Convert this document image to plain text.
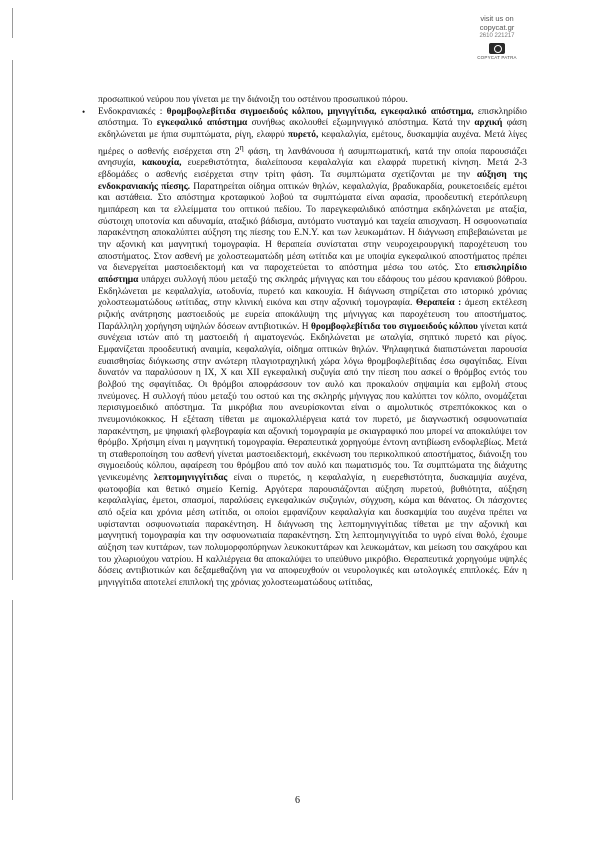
visit us on
copycat.gr
2610 221217
COPYCAT PATRA

προσωπικού νεύρου που γίνεται με την διάνοιξη του οστέινου προσωπικού πόρου.

• Ενδοκρανιακές : θρομβοφλεβίτιδα σιγμοειδούς κόλπου, μηνιγγίτιδα, εγκεφαλικό απόστημα, επισκληρίδιο απόστημα. Το εγκεφαλικό απόστημα συνήθως ακολουθεί εξωμηνιγγικό απόστημα. Κατά την αρχική φάση εκδηλώνεται με ήπια συμπτώματα, ρίγη, ελαφρύ πυρετό, κεφαλαλγία, εμέτους, δυσκαμψία αυχένα. Μετά λίγες ημέρες ο ασθενής εισέρχεται στη $2^\eta$ φάση, τη λανθάνουσα ή ασυμπτωματική, κατά την οποία παρουσιάζει ανησυχία, κακουχία, ευερεθιστότητα, διαλείπουσα κεφαλαλγία και ελαφρά πυρετική κίνηση. Μετά 2-3 εβδομάδες ο ασθενής εισέρχεται στην τρίτη φάση. Τα συμπτώματα σχετίζονται με την αύξηση της ενδοκρανιακής πίεσης. Παρατηρείται οίδημα οπτικών θηλών, κεφαλαλγία, βραδυκαρδία, ρουκετοειδείς εμέτοι και αστάθεια. Στο απόστημα κροταφικού λοβού τα συμπτώματα είναι αφασία, προοδευτική ετερόπλευρη ημιπάρεση και τα ελλείμματα του οπτικού πεδίου. Το παρεγκεφαλιδικό απόστημα εκδηλώνεται με αταξία, σύστοιχη υποτονία και αδυναμία, αταξικό βάδισμα, αυτόματο νυσταγμό και ταχεία απισχναση. Η οσφυονωτιαία παρακέντηση αποκαλύπτει αύξηση της πίεσης του Ε.Ν.Υ. και των λευκωμάτων. Η διάγνωση επιβεβαιώνεται με την αξονική και μαγνητική τομογραφία. Η θεραπεία συνίσταται στην νευροχειρουργική παροχέτευση του αποστήματος. Στον ασθενή με χολοστεωματώδη μέση ωτίτιδα και με υποψία εγκεφαλικού αποστήματος πρέπει να διενεργείται μαστοειδεκτομή και να παροχετεύεται το απόστημα μέσω του ωτός. Στο επισκληρίδιο απόστημα υπάρχει συλλογή πύου μεταξύ της σκληράς μήνιγγας και του εδάφους του μέσου κρανιακού βόθρου. Εκδηλώνεται με κεφαλαλγία, ωτοδυνία, πυρετό και κακουχία. Η διάγνωση στηρίζεται στο ιστορικό χρόνιας χολοστεωματώδους ωτίτιδας, στην κλινική εικόνα και στην αξονική τομογραφία. Θεραπεία : άμεση εκτέλεση ριζικής ανάτρησης μαστοειδούς με ευρεία αποκάλυψη της μήνιγγας και παροχέτευση του αποστήματος. Παράλληλη χορήγηση υψηλών δόσεων αντιβιοτικών. Η θρομβοφλεβίτιδα του σιγμοειδούς κόλπου γίνεται κατά συνέχεια ιστών από τη μαστοειδή ή αιματογενώς. Εκδηλώνεται με ωταλγία, σηπτικό πυρετό και ρίγος. Εμφανίζεται προοδευτική αναιμία, κεφαλαλγία, οίδημα οπτικών θηλών. Ψηλαφητικά διαπιστώνεται παρουσία ευαισθησίας διόγκωσης στην ανώτερη πλαγιοτραχηλική χώρα λόγω θρομβοφλεβίτιδας έσω σφαγίτιδας. Είναι δυνατόν να παραλύσουν η ΙΧ, Χ και ΧΙΙ εγκεφαλική συζυγία από την πίεση που ασκεί ο θρόμβος εντός του βολβού της σφαγίτιδας. Οι θρόμβοι αποφράσσουν τον αυλό και προκαλούν σηψαιμία και εμβολή στους πνεύμονες. Η συλλογή πύου μεταξύ του οστού και της σκληρής μήνιγγας που καλύπτει τον κόλπο, ονομάζεται περισιγμοειδικό απόστημα. Τα μικρόβια που ανευρίσκονται είναι ο αιμολυτικός στρεπτόκοκκος και ο πνευμονιόκοκκος. Η εξέταση τίθεται με αιμοκαλλιέργεια κατά τον πυρετό, με διαγνωστική οσφυονωτιαία παρακέντηση, με ψηφιακή φλεβογραφία και αξονική τομογραφία με σκιαγραφικό που μπορεί να αποκαλύψει τον θρόμβο. Χρήσιμη είναι η μαγνητική τομογραφία. Θεραπευτικά χορηγούμε έντονη αντιβίωση ενδοφλεβίως. Μετά τη σταθεροποίηση του ασθενή γίνεται μαστοειδεκτομή, εκκένωση του περικολπικού αποστήματος, διάνοιξη του σιγμοειδούς κόλπου, αφαίρεση του θρόμβου από τον αυλό και πωματισμός του. Τα συμπτώματα της διάχυτης γενικευμένης λεπτομηνιγγίτιδας είναι ο πυρετός, η κεφαλαλγία, η ευερεθιστότητα, δυσκαμψία αυχένα, φωτοφοβία και θετικό σημείο Kernig. Αργότερα παρουσιάζονται αύξηση πυρετού, βυθιότητα, αύξηση κεφαλαλγίας, έμετοι, σπασμοί, παραλύσεις εγκεφαλικών συζυγιών, σύγχυση, κώμα και θάνατος. Οι πάσχοντες από οξεία και χρόνια μέση ωτίτιδα, οι οποίοι εμφανίζουν κεφαλαλγία και δυσκαμψία του αυχένα πρέπει να υφίστανται οσφυονωτιαία παρακέντηση. Η διάγνωση της λεπτομηνιγγίτιδας τίθεται με την αξονική και μαγνητική τομογραφία και την οσφυονωτιαία παρακέντηση. Στη λεπτομηνιγγίτιδα το υγρό είναι θολό, έχουμε αύξηση των κυττάρων, των πολυμορφοπύρηνων λευκοκυττάρων και λευκωμάτων, και μείωση του σακχάρου και του χλωριούχου νατρίου. Η καλλιέργεια θα αποκαλύψει το υπεύθυνο μικρόβιο. Θεραπευτικά χορηγούμε υψηλές δόσεις αντιβιοτικών και δεξαμεθαζόνη για να αποφευχθούν οι νευρολογικές και ωτολογικές επιπλοκές. Εάν η μηνιγγίτιδα αποτελεί επιπλοκή της χρόνιας χολοστεωματώδους ωτίτιδας,

6
